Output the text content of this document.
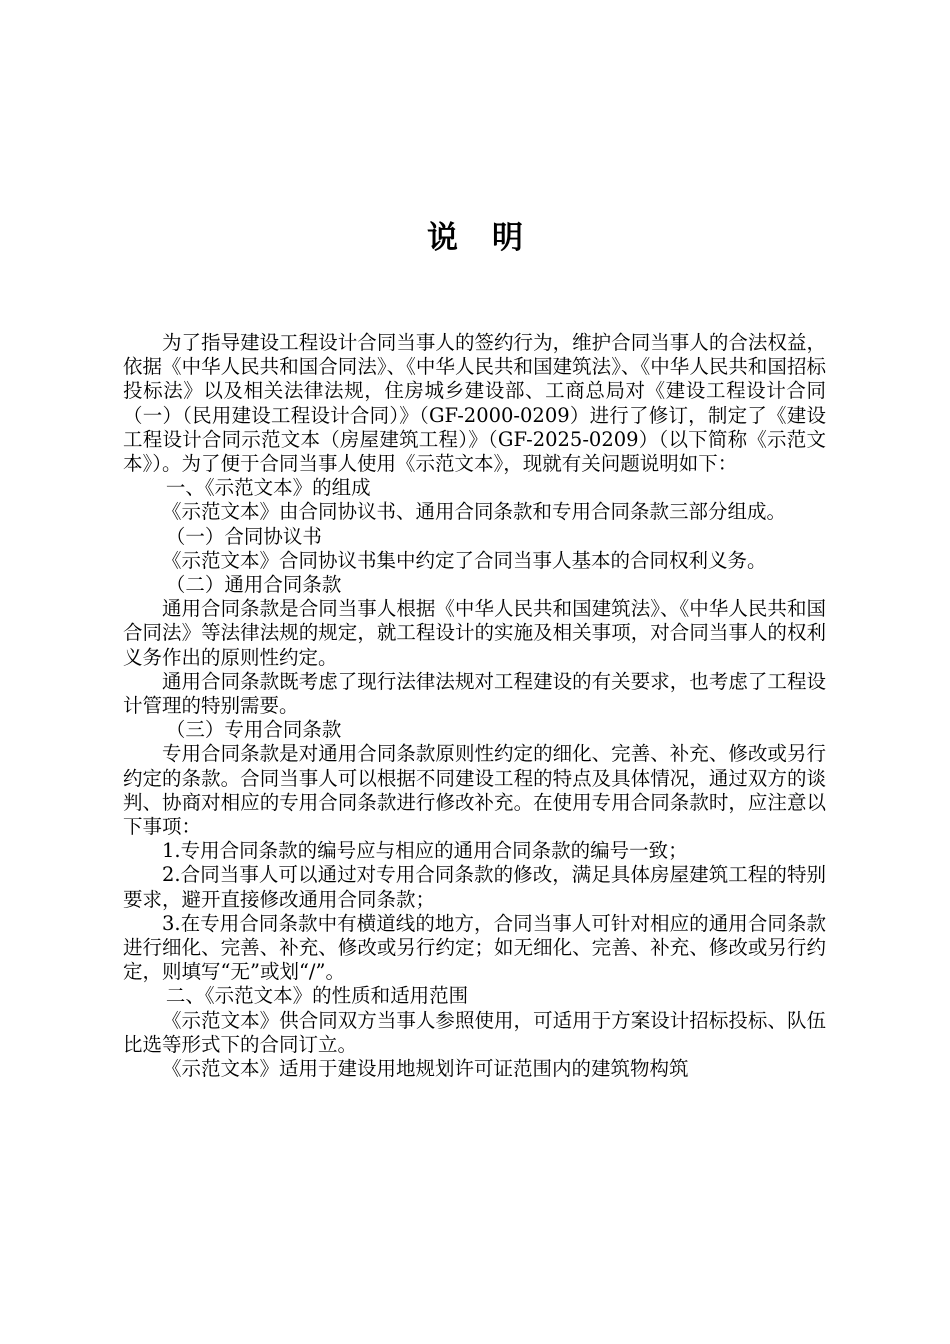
说明

为了指导建设工程设计合同当事人的签约行为，维护合同当事人的合法权益，依据《中华人民共和国合同法》、《中华人民共和国建筑法》、《中华人民共和国招标投标法》以及相关法律法规，住房城乡建设部、工商总局对《建设工程设计合同（一）（民用建设工程设计合同）》（GF-2000-0209）进行了修订，制定了《建设工程设计合同示范文本（房屋建筑工程）》（GF-2025-0209）（以下简称《示范文本》）。为了便于合同当事人使用《示范文本》，现就有关问题说明如下：

一、《示范文本》的组成

《示范文本》由合同协议书、通用合同条款和专用合同条款三部分组成。

（一）合同协议书

《示范文本》合同协议书集中约定了合同当事人基本的合同权利义务。

（二）通用合同条款

通用合同条款是合同当事人根据《中华人民共和国建筑法》、《中华人民共和国合同法》等法律法规的规定，就工程设计的实施及相关事项，对合同当事人的权利义务作出的原则性约定。

通用合同条款既考虑了现行法律法规对工程建设的有关要求，也考虑了工程设计管理的特别需要。

（三）专用合同条款

专用合同条款是对通用合同条款原则性约定的细化、完善、补充、修改或另行约定的条款。合同当事人可以根据不同建设工程的特点及具体情况，通过双方的谈判、协商对相应的专用合同条款进行修改补充。在使用专用合同条款时，应注意以下事项：

1.专用合同条款的编号应与相应的通用合同条款的编号一致；

2.合同当事人可以通过对专用合同条款的修改，满足具体房屋建筑工程的特别要求，避开直接修改通用合同条款；

3.在专用合同条款中有横道线的地方，合同当事人可针对相应的通用合同条款进行细化、完善、补充、修改或另行约定；如无细化、完善、补充、修改或另行约定，则填写“无”或划“/”。

二、《示范文本》的性质和适用范围

《示范文本》供合同双方当事人参照使用，可适用于方案设计招标投标、队伍比选等形式下的合同订立。

《示范文本》适用于建设用地规划许可证范围内的建筑物构筑
